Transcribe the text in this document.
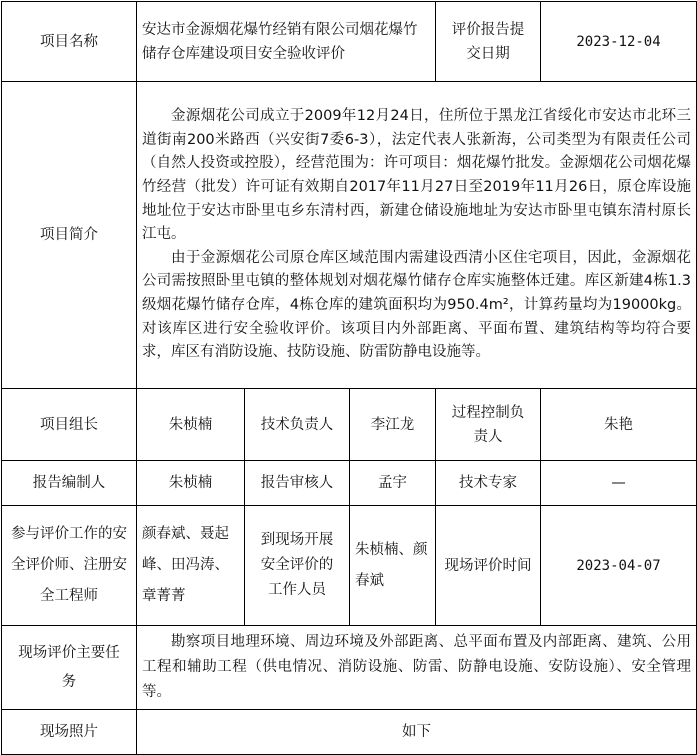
项目名称	安达市金源烟花爆竹经销有限公司烟花爆竹储存仓库建设项目安全验收评价			评价报告提交日期	2023-12-04
项目简介	金源烟花公司成立于2009年12月24日，住所位于黑龙江省绥化市安达市北环三道街南200米路西（兴安街7委6-3），法定代表人张新海，公司类型为有限责任公司（自然人投资或控股），经营范围为：许可项目：烟花爆竹批发。金源烟花公司烟花爆竹经营（批发）许可证有效期自2017年11月27日至2019年11月26日，原仓库设施地址位于安达市卧里屯乡东清村西，新建仓储设施地址为安达市卧里屯镇东清村原长江屯。

由于金源烟花公司原仓库区域范围内需建设西清小区住宅项目，因此，金源烟花公司需按照卧里屯镇的整体规划对烟花爆竹储存仓库实施整体迁建。库区新建4栋1.3级烟花爆竹储存仓库，4栋仓库的建筑面积均为950.4m²，计算药量均为19000kg。对该库区进行安全验收评价。该项目内外部距离、平面布置、建筑结构等均符合要求，库区有消防设施、技防设施、防雷防静电设施等。				

项目组长	朱桢楠	技术负责人	李江龙	过程控制负责人	朱艳
报告编制人	朱桢楠	报告审核人	孟宇	技术专家	—
参与评价工作的安全评价师、注册安全工程师	颜春斌、聂起峰、田冯涛、章菁菁	到现场开展安全评价的工作人员	朱桢楠、颜春斌	现场评价时间	2023-04-07
现场评价主要任务	勘察项目地理环境、周边环境及外部距离、总平面布置及内部距离、建筑、公用工程和辅助工程（供电情况、消防设施、防雷、防静电设施、安防设施）、安全管理等。				

现场照片	如下				
